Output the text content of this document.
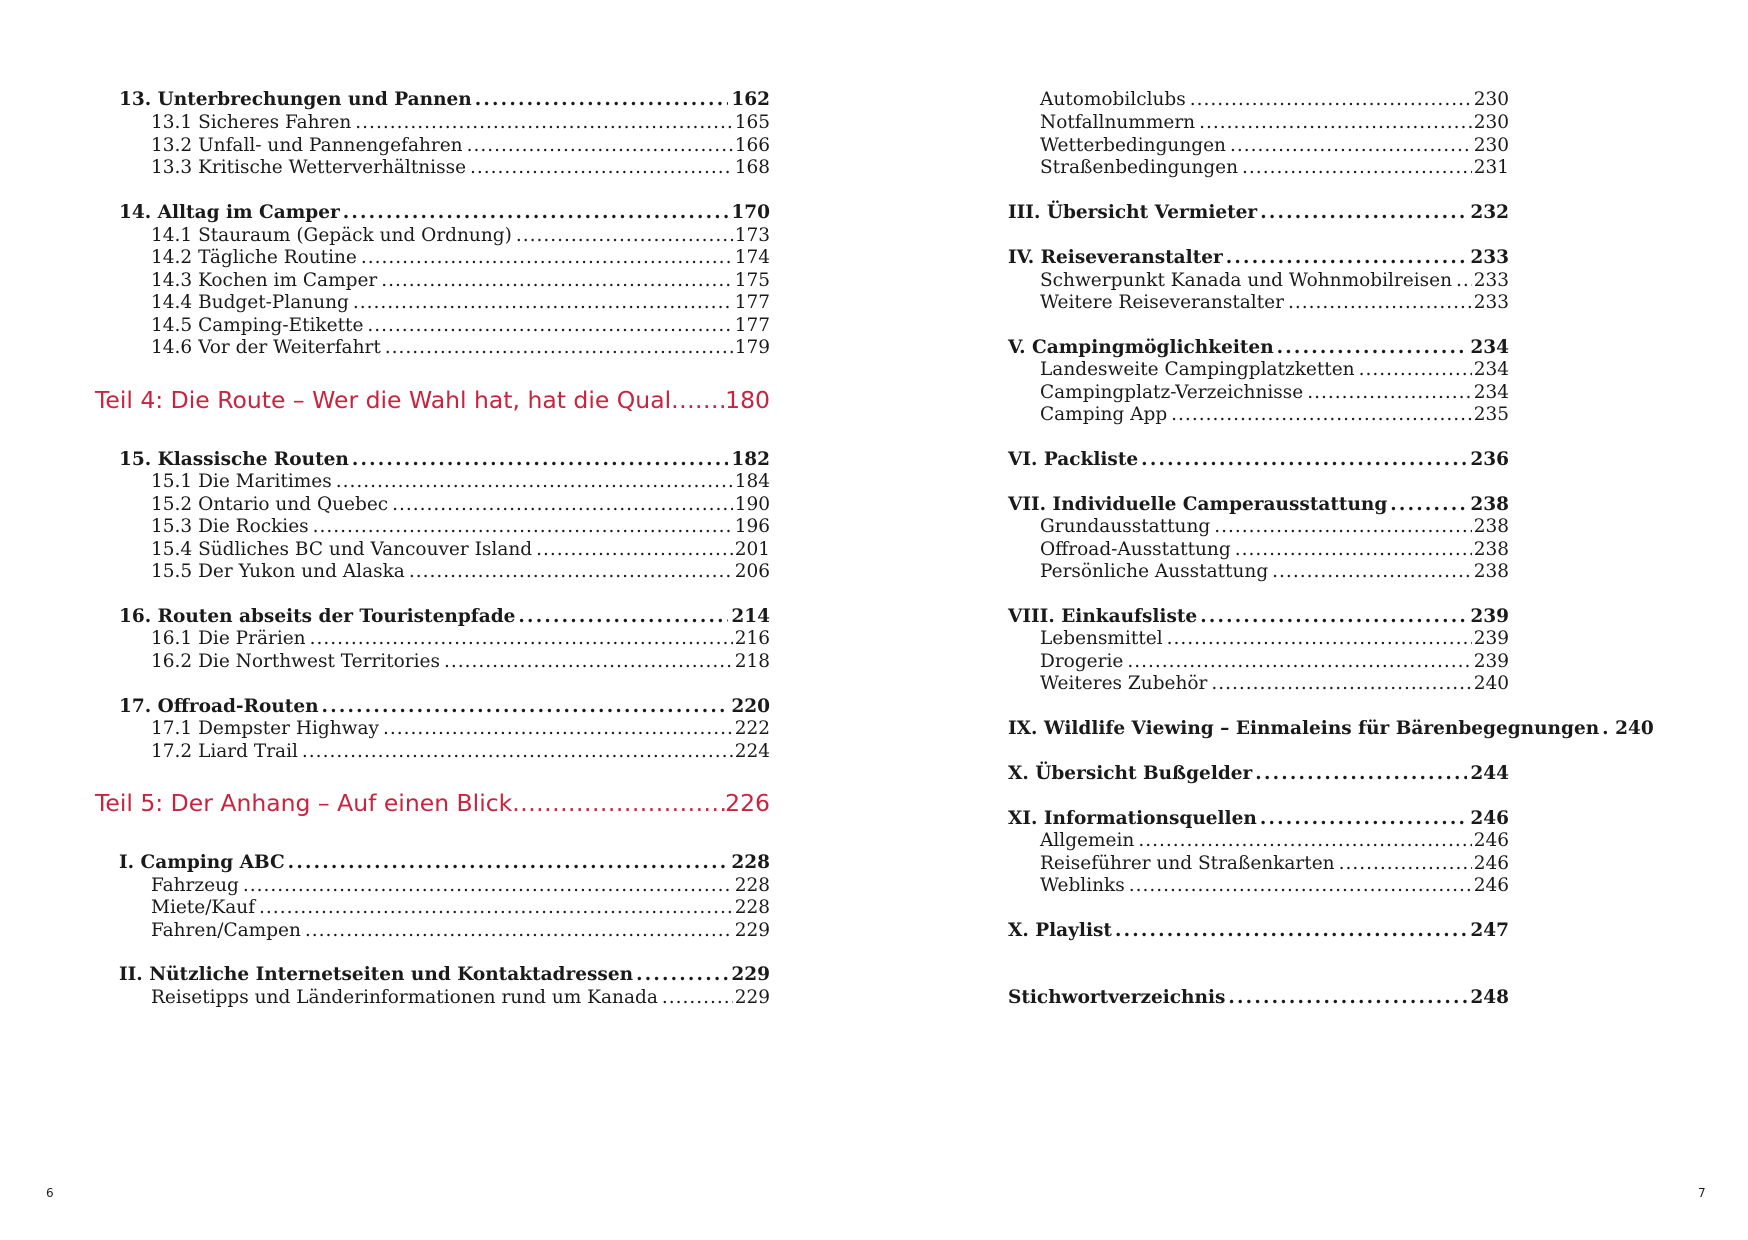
13. Unterbrechungen und Pannen .....	162
13.1 Sicheres Fahren .....	165
13.2 Unfall- und Pannengefahren .....	166
13.3 Kritische Wetterverhältnisse .....	168
14. Alltag im Camper .....	170
14.1 Stauraum (Gepäck und Ordnung) .....	173
14.2 Tägliche Routine .....	174
14.3 Kochen im Camper .....	175
14.4 Budget-Planung .....	177
14.5 Camping-Etikette .....	177
14.6 Vor der Weiterfahrt .....	179
Teil 4: Die Route – Wer die Wahl hat, hat die Qual ..... 180
15. Klassische Routen .....	182
15.1 Die Maritimes .....	184
15.2 Ontario und Quebec .....	190
15.3 Die Rockies .....	196
15.4 Südliches BC und Vancouver Island .....	201
15.5 Der Yukon und Alaska .....	206
16. Routen abseits der Touristenpfade .....	214
16.1 Die Prärien .....	216
16.2 Die Northwest Territories .....	218
17. Offroad-Routen .....	220
17.1 Dempster Highway .....	222
17.2 Liard Trail .....	224
Teil 5: Der Anhang – Auf einen Blick .....	226
I. Camping ABC .....	228
Fahrzeug .....	228
Miete/Kauf .....	228
Fahren/Campen .....	229
II. Nützliche Internetseiten und Kontaktadressen .....	229
Reisetipps und Länderinformationen rund um Kanada .....	229
6
Automobilclubs .....	230
Notfallnummern .....	230
Wetterbedingungen .....	230
Straßenbedingungen .....	231
III. Übersicht Vermieter .....	232
IV. Reiseveranstalter .....	233
Schwerpunkt Kanada und Wohnmobilreisen ..... 233
Weitere Reiseveranstalter .....	233
V. Campingmöglichkeiten .....	234
Landesweite Campingplatzketten .....	234
Campingplatz-Verzeichnisse .....	234
Camping App .....	235
VI. Packliste .....	236
VII. Individuelle Camperausstattung .....	238
Grundausstattung .....	238
Offroad-Ausstattung .....	238
Persönliche Ausstattung .....	238
VIII. Einkaufsliste .....	239
Lebensmittel .....	239
Drogerie .....	239
Weiteres Zubehör .....	240
IX. Wildlife Viewing – Einmaleins für Bärenbegegnungen ..... 240
X. Übersicht Bußgelder .....	244
XI. Informationsquellen .....	246
Allgemein .....	246
Reiseführer und Straßenkarten .....	246
Weblinks .....	246
X. Playlist .....	247
Stichwortverzeichnis .....	248
7
